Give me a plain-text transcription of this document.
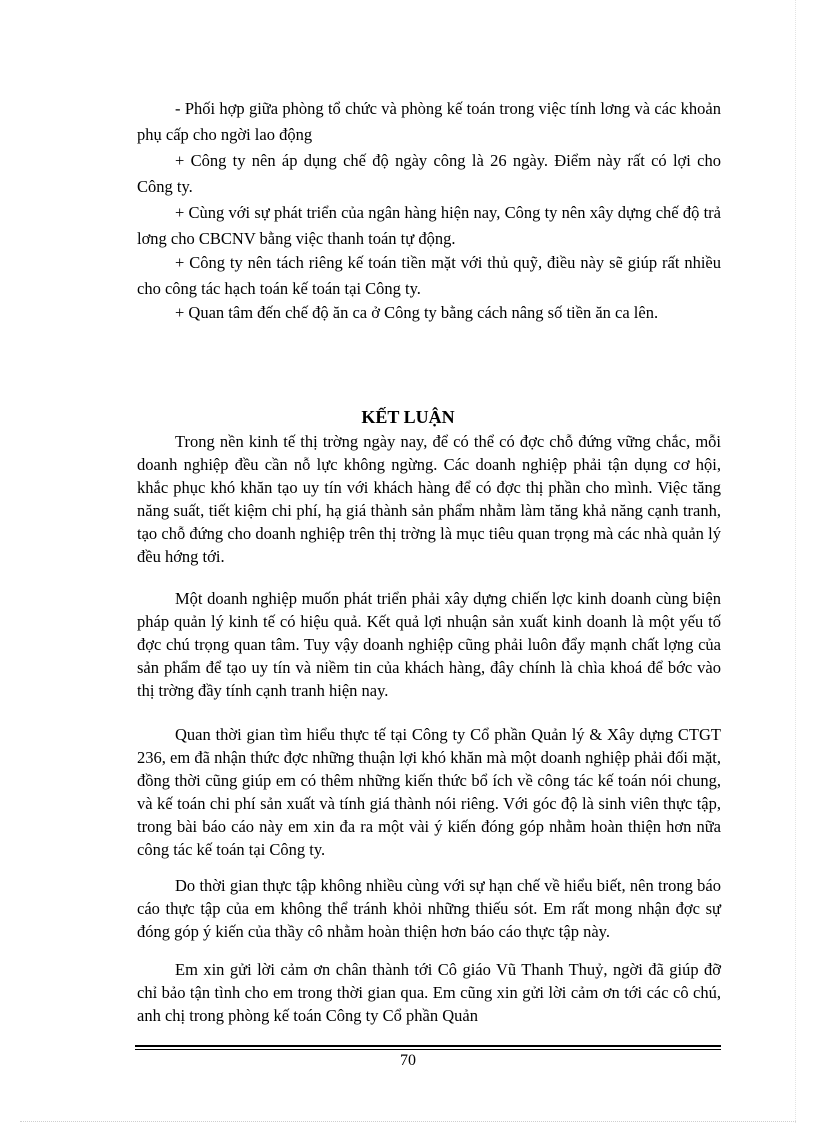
- Phối hợp giữa phòng tổ chức và phòng kế toán trong việc tính lơng và các khoản phụ cấp cho ngời lao động

+ Công ty nên áp dụng chế độ ngày công là 26 ngày. Điểm này rất có lợi cho Công ty.

+ Cùng với sự phát triển của ngân hàng hiện nay, Công ty nên xây dựng chế độ trả lơng cho CBCNV bằng việc thanh toán tự động.

+ Công ty nên tách riêng kế toán tiền mặt với thủ quỹ, điều này sẽ giúp rất nhiều cho công tác hạch toán kế toán tại Công ty.

+ Quan tâm đến chế độ ăn ca ở Công ty bằng cách nâng số tiền ăn ca lên.

KẾT LUẬN

Trong nền kinh tế thị trờng ngày nay, để có thể có đợc chỗ đứng vững chắc, mỗi doanh nghiệp đều cần nỗ lực không ngừng. Các doanh nghiệp phải tận dụng cơ hội, khắc phục khó khăn tạo uy tín với khách hàng để có đợc thị phần cho mình. Việc tăng năng suất, tiết kiệm chi phí, hạ giá thành sản phẩm nhằm làm tăng khả năng cạnh tranh, tạo chỗ đứng cho doanh nghiệp trên thị trờng là mục tiêu quan trọng mà các nhà quản lý đều hớng tới.

Một doanh nghiệp muốn phát triển phải xây dựng chiến lợc kinh doanh cùng biện pháp quản lý kinh tế có hiệu quả. Kết quả lợi nhuận sản xuất kinh doanh là một yếu tố đợc chú trọng quan tâm. Tuy vậy doanh nghiệp cũng phải luôn đẩy mạnh chất lợng của sản phẩm để tạo uy tín và niềm tin của khách hàng, đây chính là chìa khoá để bớc vào thị trờng đầy tính cạnh tranh hiện nay.

Quan thời gian tìm hiểu thực tế tại Công ty Cổ phần Quản lý & Xây dựng CTGT 236, em đã nhận thức đợc những thuận lợi khó khăn mà một doanh nghiệp phải đối mặt, đồng thời cũng giúp em có thêm những kiến thức bổ ích về công tác kế toán nói chung, và kế toán chi phí sản xuất và tính giá thành nói riêng. Với góc độ là sinh viên thực tập, trong bài báo cáo này em xin đa ra một vài ý kiến đóng góp nhằm hoàn thiện hơn nữa công tác kế toán tại Công ty.

Do thời gian thực tập không nhiều cùng với sự hạn chế về hiểu biết, nên trong báo cáo thực tập của em không thể tránh khỏi những thiếu sót. Em rất mong nhận đợc sự đóng góp ý kiến của thầy cô nhằm hoàn thiện hơn báo cáo thực tập này.

Em xin gửi lời cảm ơn chân thành tới Cô giáo Vũ Thanh Thuỷ, ngời đã giúp đỡ chỉ bảo tận tình cho em trong thời gian qua. Em cũng xin gửi lời cảm ơn tới các cô chú, anh chị trong phòng kế toán Công ty Cổ phần Quản

70
